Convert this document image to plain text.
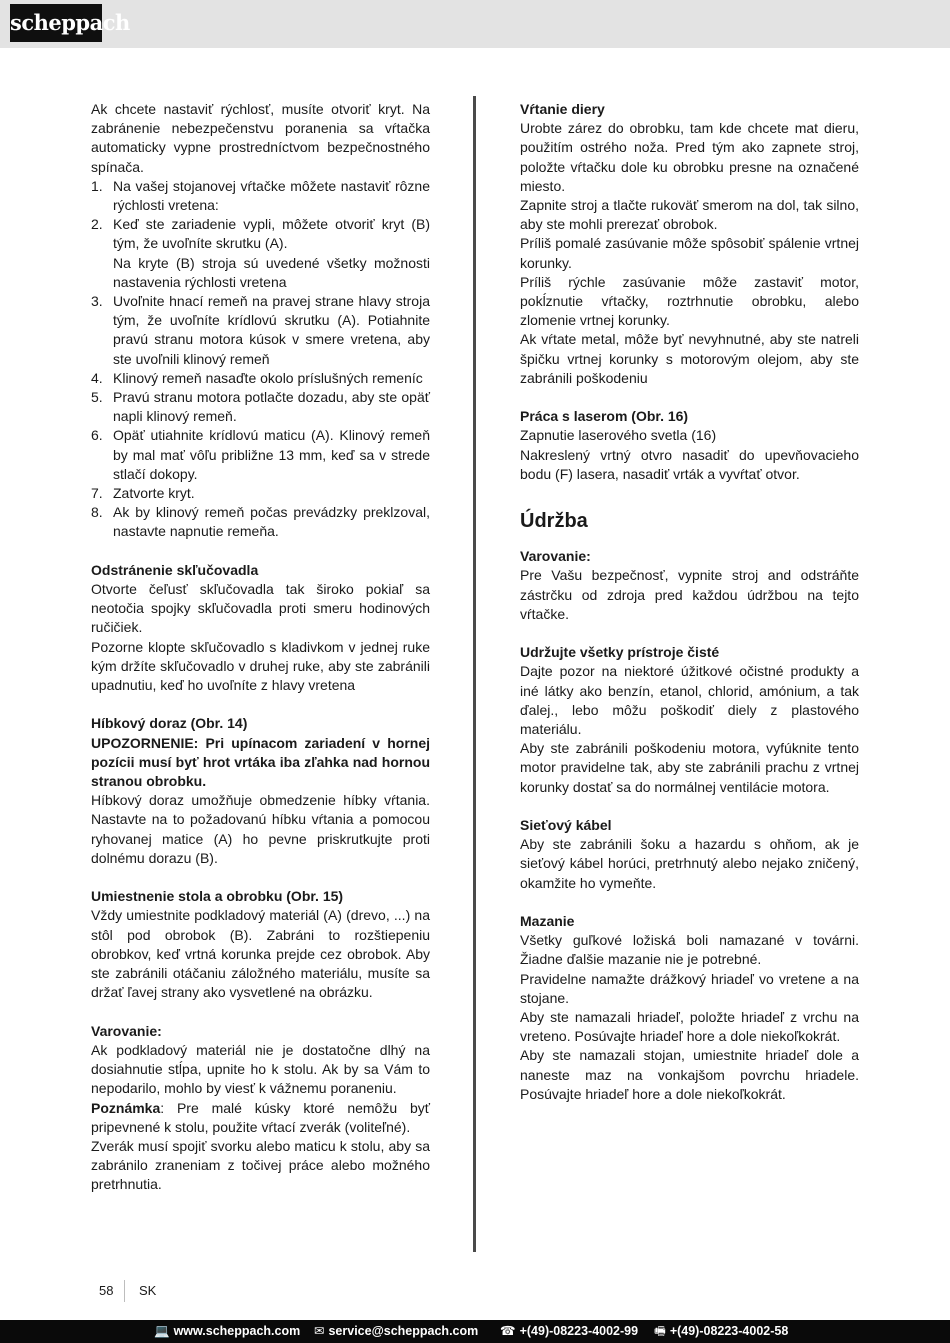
scheppach

Ak chcete nastaviť rýchlosť, musíte otvoriť kryt. Na zabránenie nebezpečenstvu poranenia sa vŕtačka automaticky vypne prostredníctvom bezpečnostného spínača.

1. Na vašej stojanovej vŕtačke môžete nastaviť rôzne rýchlosti vretena:
2. Keď ste zariadenie vypli, môžete otvoriť kryt (B) tým, že uvoľníte skrutku (A).

Na kryte (B) stroja sú uvedené všetky možnosti nastavenia rýchlosti vretena

3. Uvoľnite hnací remeň na pravej strane hlavy stroja tým, že uvoľníte krídlovú skrutku (A). Potiahnite pravú stranu motora kúsok v smere vretena, aby ste uvoľnili klinový remeň
4. Klinový remeň nasaďte okolo príslušných remeníc
5. Pravú stranu motora potlačte dozadu, aby ste opäť napli klinový remeň.
6. Opäť utiahnite krídlovú maticu (A). Klinový remeň by mal mať vôľu približne 13 mm, keď sa v strede stlačí dokopy.
7. Zatvorte kryt.
8. Ak by klinový remeň počas prevádzky preklzoval, nastavte napnutie remeňa.

Odstránenie skľučovadla

Otvorte čeľusť skľučovadla tak široko pokiaľ sa neotočia spojky skľučovadla proti smeru hodinových ručičiek.

Pozorne klopte skľučovadlo s kladivkom v jednej ruke kým držíte skľučovadlo v druhej ruke, aby ste zabránili upadnutiu, keď ho uvoľníte z hlavy vretena

Híbkový doraz (Obr. 14)

UPOZORNENIE: Pri upínacom zariadení v hornej pozícii musí byť hrot vrtáka iba zľahka nad hornou stranou obrobku.

Híbkový doraz umožňuje obmedzenie híbky vŕtania. Nastavte na to požadovanú híbku vŕtania a pomocou ryhovanej matice (A) ho pevne priskrutkujte proti dolnému dorazu (B).

Umiestnenie stola a obrobku (Obr. 15)

Vždy umiestnite podkladový materiál (A) (drevo, ...) na stôl pod obrobok (B). Zabráni to rozštiepeniu obrobkov, keď vrtná korunka prejde cez obrobok. Aby ste zabránili otáčaniu záložného materiálu, musíte sa držať ľavej strany ako vysvetlené na obrázku.

Varovanie:

Ak podkladový materiál nie je dostatočne dlhý na dosiahnutie stĺpa, upnite ho k stolu. Ak by sa Vám to nepodarilo, mohlo by viesť k vážnemu poraneniu.

Poznámka: Pre malé kúsky ktoré nemôžu byť pripevnené k stolu, použite vŕtací zverák (voliteľné).

Zverák musí spojiť svorku alebo maticu k stolu, aby sa zabránilo zraneniam z točivej práce alebo možného pretrhnutia.

Vŕtanie diery

Urobte zárez do obrobku, tam kde chcete mat dieru, použitím ostrého noža. Pred tým ako zapnete stroj, položte vŕtačku dole ku obrobku presne na označené miesto.

Zapnite stroj a tlačte rukoväť smerom na dol, tak silno, aby ste mohli prerezať obrobok.

Príliš pomalé zasúvanie môže spôsobiť spálenie vrtnej korunky.

Príliš rýchle zasúvanie môže zastaviť motor, pokĺznutie vŕtačky, roztrhnutie obrobku, alebo zlomenie vrtnej korunky.

Ak vŕtate metal, môže byť nevyhnutné, aby ste natreli špičku vrtnej korunky s motorovým olejom, aby ste zabránili poškodeniu

Práca s laserom (Obr. 16)

Zapnutie laserového svetla (16)

Nakreslený vrtný otvro nasadiť do upevňovacieho bodu (F) lasera, nasadiť vrták a vyvŕtať otvor.

Údržba

Varovanie:

Pre Vašu bezpečnosť, vypnite stroj and odstráňte zástrčku od zdroja pred každou údržbou na tejto vŕtačke.

Udržujte všetky prístroje čisté

Dajte pozor na niektoré úžitkové očistné produkty a iné látky ako benzín, etanol, chlorid, amónium, a tak ďalej., lebo môžu poškodiť diely z plastového materiálu.

Aby ste zabránili poškodeniu motora, vyfúknite tento motor pravidelne tak, aby ste zabránili prachu z vrtnej korunky dostať sa do normálnej ventilácie motora.

Sieťový kábel

Aby ste zabránili šoku a hazardu s ohňom, ak je sieťový kábel horúci, pretrhnutý alebo nejako zničený, okamžite ho vymeňte.

Mazanie

Všetky guľkové ložiská boli namazané v továrni. Žiadne ďalšie mazanie nie je potrebné.

Pravidelne namažte drážkový hriadeľ vo vretene a na stojane.

Aby ste namazali hriadeľ, položte hriadeľ z vrchu na vreteno. Posúvajte hriadeľ hore a dole niekoľkokrát.

Aby ste namazali stojan, umiestnite hriadeľ dole a naneste maz na vonkajšom povrchu hriadele. Posúvajte hriadeľ hore a dole niekoľkokrát.

58 SK
💻 www.scheppach.com ✉ service@scheppach.com ☎ +(49)-08223-4002-99 🖷 +(49)-08223-4002-58
